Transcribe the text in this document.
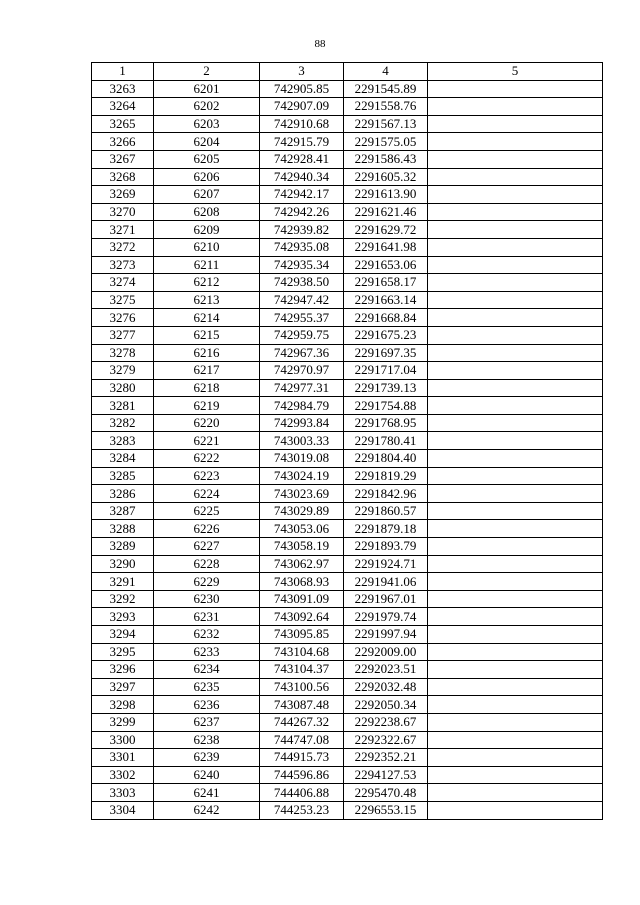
88
1	2	3	4	5
3263	6201	742905.85	2291545.89	
3264	6202	742907.09	2291558.76	
3265	6203	742910.68	2291567.13	
3266	6204	742915.79	2291575.05	
3267	6205	742928.41	2291586.43	
3268	6206	742940.34	2291605.32	
3269	6207	742942.17	2291613.90	
3270	6208	742942.26	2291621.46	
3271	6209	742939.82	2291629.72	
3272	6210	742935.08	2291641.98	
3273	6211	742935.34	2291653.06	
3274	6212	742938.50	2291658.17	
3275	6213	742947.42	2291663.14	
3276	6214	742955.37	2291668.84	
3277	6215	742959.75	2291675.23	
3278	6216	742967.36	2291697.35	
3279	6217	742970.97	2291717.04	
3280	6218	742977.31	2291739.13	
3281	6219	742984.79	2291754.88	
3282	6220	742993.84	2291768.95	
3283	6221	743003.33	2291780.41	
3284	6222	743019.08	2291804.40	
3285	6223	743024.19	2291819.29	
3286	6224	743023.69	2291842.96	
3287	6225	743029.89	2291860.57	
3288	6226	743053.06	2291879.18	
3289	6227	743058.19	2291893.79	
3290	6228	743062.97	2291924.71	
3291	6229	743068.93	2291941.06	
3292	6230	743091.09	2291967.01	
3293	6231	743092.64	2291979.74	
3294	6232	743095.85	2291997.94	
3295	6233	743104.68	2292009.00	
3296	6234	743104.37	2292023.51	
3297	6235	743100.56	2292032.48	
3298	6236	743087.48	2292050.34	
3299	6237	744267.32	2292238.67	
3300	6238	744747.08	2292322.67	
3301	6239	744915.73	2292352.21	
3302	6240	744596.86	2294127.53	
3303	6241	744406.88	2295470.48	
3304	6242	744253.23	2296553.15	
